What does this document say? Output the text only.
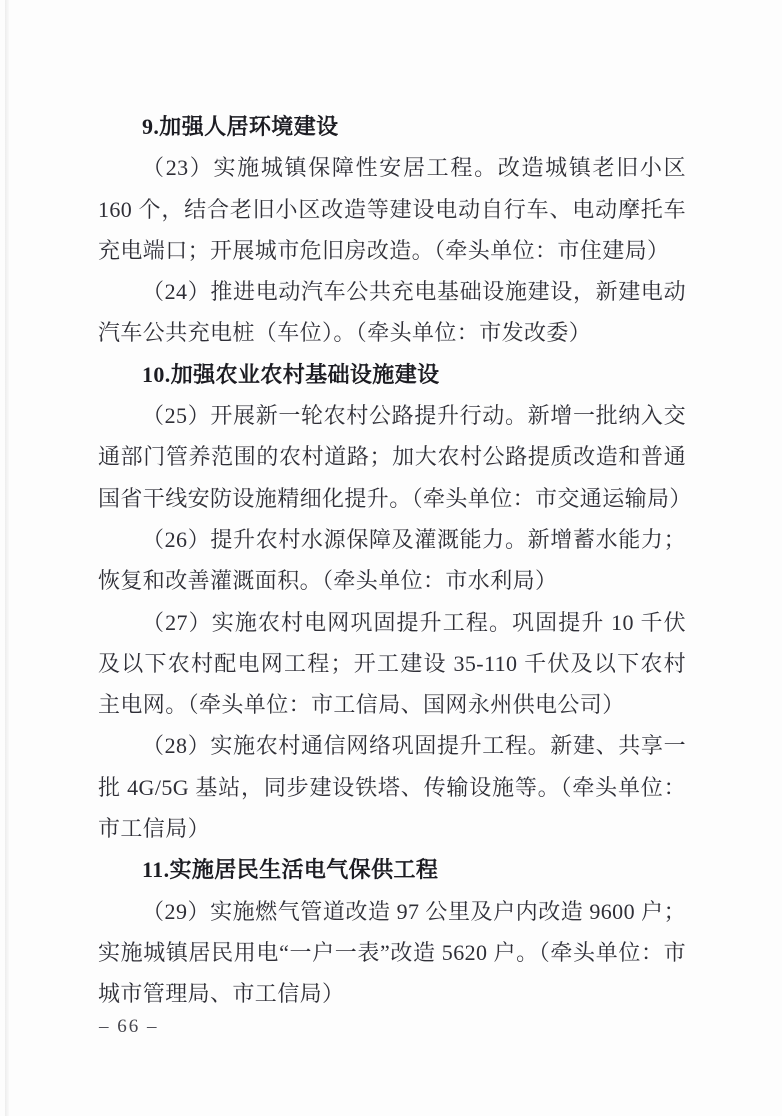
9.加强人居环境建设

（23）实施城镇保障性安居工程。改造城镇老旧小区 160 个，结合老旧小区改造等建设电动自行车、电动摩托车充电端口；开展城市危旧房改造。（牵头单位：市住建局）

（24）推进电动汽车公共充电基础设施建设，新建电动汽车公共充电桩（车位）。（牵头单位：市发改委）

10.加强农业农村基础设施建设

（25）开展新一轮农村公路提升行动。新增一批纳入交通部门管养范围的农村道路；加大农村公路提质改造和普通国省干线安防设施精细化提升。（牵头单位：市交通运输局）

（26）提升农村水源保障及灌溉能力。新增蓄水能力；恢复和改善灌溉面积。（牵头单位：市水利局）

（27）实施农村电网巩固提升工程。巩固提升 10 千伏及以下农村配电网工程；开工建设 35-110 千伏及以下农村主电网。（牵头单位：市工信局、国网永州供电公司）

（28）实施农村通信网络巩固提升工程。新建、共享一批 4G/5G 基站，同步建设铁塔、传输设施等。（牵头单位：市工信局）

11.实施居民生活电气保供工程

（29）实施燃气管道改造 97 公里及户内改造 9600 户；实施城镇居民用电“一户一表”改造 5620 户。（牵头单位：市城市管理局、市工信局）

– 66 –
